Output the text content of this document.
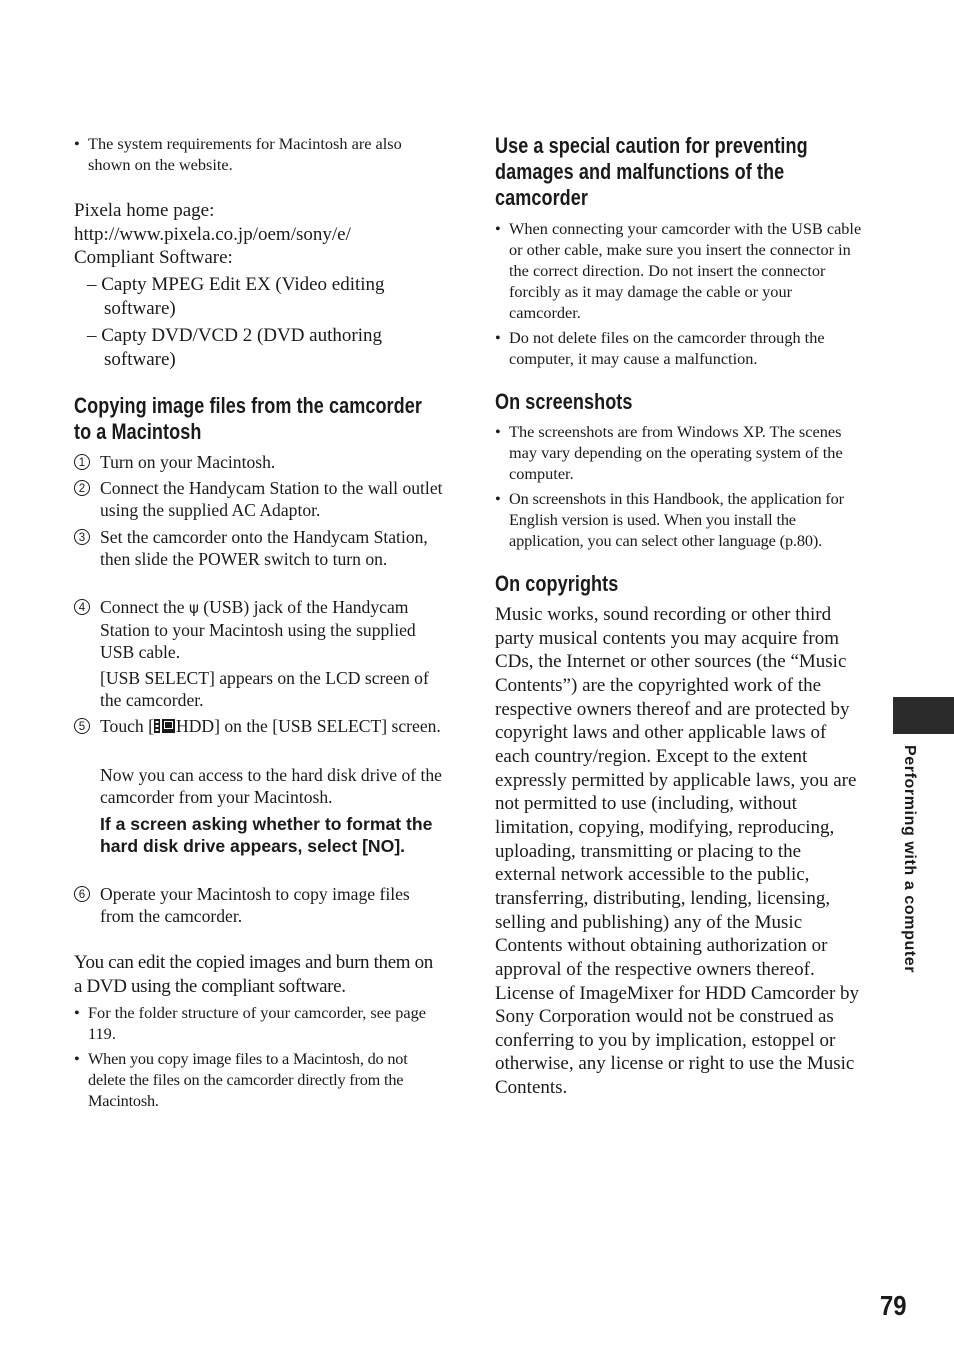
• The system requirements for Macintosh are also shown on the website.

Pixela home page:

http://www.pixela.co.jp/oem/sony/e/

Compliant Software:

– Capty MPEG Edit EX (Video editing software)

– Capty DVD/VCD 2 (DVD authoring software)

Copying image files from the camcorder to a Macintosh
1 Turn on your Macintosh.
2 Connect the Handycam Station to the wall outlet using the supplied AC Adaptor.
3 Set the camcorder onto the Handycam Station, then slide the POWER switch to turn on.
4 Connect the ψ (USB) jack of the Handycam Station to your Macintosh using the supplied USB cable.

[USB SELECT] appears on the LCD screen of the camcorder.

5 Touch [ HDD] on the [USB SELECT] screen.

Now you can access to the hard disk drive of the camcorder from your Macintosh.

If a screen asking whether to format the hard disk drive appears, select [NO].

6 Operate your Macintosh to copy image files from the camcorder.

You can edit the copied images and burn them on a DVD using the compliant software.

• For the folder structure of your camcorder, see page 119.

• When you copy image files to a Macintosh, do not delete the files on the camcorder directly from the Macintosh.

Use a special caution for preventing damages and malfunctions of the camcorder

• When connecting your camcorder with the USB cable or other cable, make sure you insert the connector in the correct direction. Do not insert the connector forcibly as it may damage the cable or your camcorder.

• Do not delete files on the camcorder through the computer, it may cause a malfunction.

On screenshots

• The screenshots are from Windows XP. The scenes may vary depending on the operating system of the computer.

• On screenshots in this Handbook, the application for English version is used. When you install the application, you can select other language (p.80).

On copyrights

Music works, sound recording or other third party musical contents you may acquire from CDs, the Internet or other sources (the “Music Contents”) are the copyrighted work of the respective owners thereof and are protected by copyright laws and other applicable laws of each country/region. Except to the extent expressly permitted by applicable laws, you are not permitted to use (including, without limitation, copying, modifying, reproducing, uploading, transmitting or placing to the external network accessible to the public, transferring, distributing, lending, licensing, selling and publishing) any of the Music Contents without obtaining authorization or approval of the respective owners thereof. License of ImageMixer for HDD Camcorder by Sony Corporation would not be construed as conferring to you by implication, estoppel or otherwise, any license or right to use the Music Contents.

Performing with a computer
79
